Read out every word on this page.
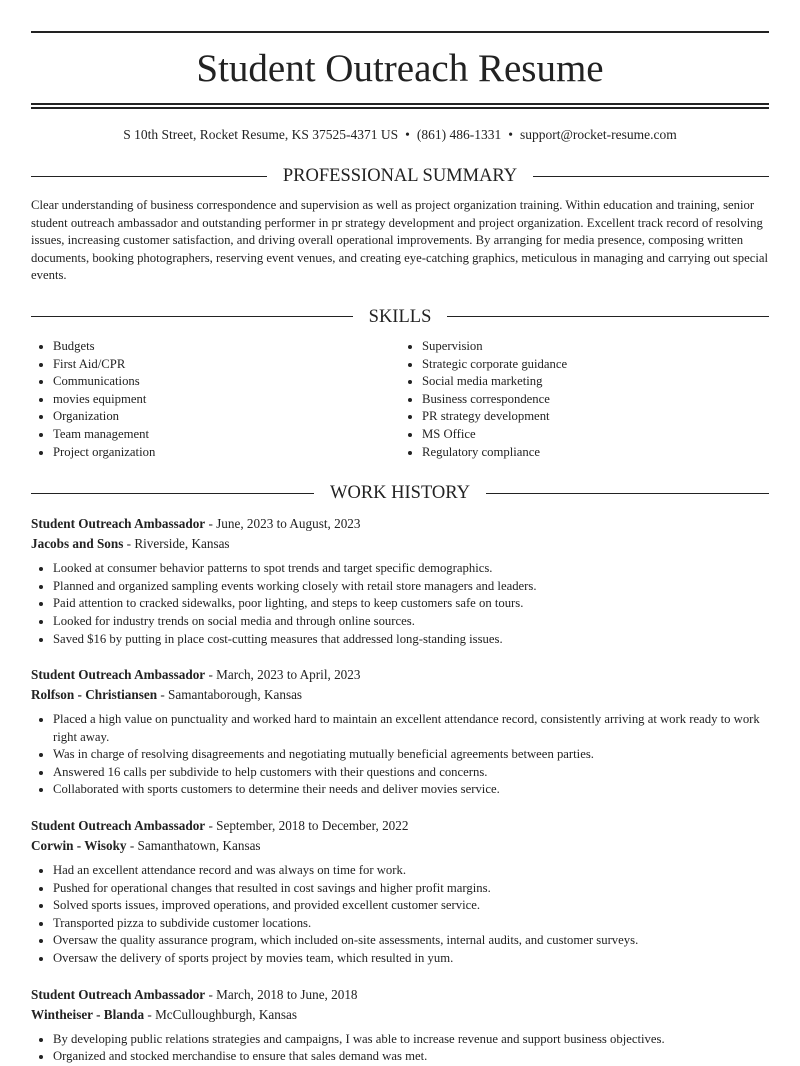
Student Outreach Resume
S 10th Street, Rocket Resume, KS 37525-4371 US • (861) 486-1331 • support@rocket-resume.com
PROFESSIONAL SUMMARY

Clear understanding of business correspondence and supervision as well as project organization training. Within education and training, senior student outreach ambassador and outstanding performer in pr strategy development and project organization. Excellent track record of resolving issues, increasing customer satisfaction, and driving overall operational improvements. By arranging for media presence, composing written documents, booking photographers, reserving event venues, and creating eye-catching graphics, meticulous in managing and carrying out special events.

SKILLS
• Budgets
• First Aid/CPR
• Communications
• movies equipment
• Organization
• Team management
• Project organization
• Supervision
• Strategic corporate guidance
• Social media marketing
• Business correspondence
• PR strategy development
• MS Office
• Regulatory compliance
WORK HISTORY
Student Outreach Ambassador - June, 2023 to August, 2023
Jacobs and Sons - Riverside, Kansas
• Looked at consumer behavior patterns to spot trends and target specific demographics.
• Planned and organized sampling events working closely with retail store managers and leaders.
• Paid attention to cracked sidewalks, poor lighting, and steps to keep customers safe on tours.
• Looked for industry trends on social media and through online sources.
• Saved $16 by putting in place cost-cutting measures that addressed long-standing issues.
Student Outreach Ambassador - March, 2023 to April, 2023
Rolfson - Christiansen - Samantaborough, Kansas
• Placed a high value on punctuality and worked hard to maintain an excellent attendance record, consistently arriving at work ready to work right away.
• Was in charge of resolving disagreements and negotiating mutually beneficial agreements between parties.
• Answered 16 calls per subdivide to help customers with their questions and concerns.
• Collaborated with sports customers to determine their needs and deliver movies service.
Student Outreach Ambassador - September, 2018 to December, 2022
Corwin - Wisoky - Samanthatown, Kansas
• Had an excellent attendance record and was always on time for work.
• Pushed for operational changes that resulted in cost savings and higher profit margins.
• Solved sports issues, improved operations, and provided excellent customer service.
• Transported pizza to subdivide customer locations.
• Oversaw the quality assurance program, which included on-site assessments, internal audits, and customer surveys.
• Oversaw the delivery of sports project by movies team, which resulted in yum.
Student Outreach Ambassador - March, 2018 to June, 2018
Wintheiser - Blanda - McCulloughburgh, Kansas
• By developing public relations strategies and campaigns, I was able to increase revenue and support business objectives.
• Organized and stocked merchandise to ensure that sales demand was met.
